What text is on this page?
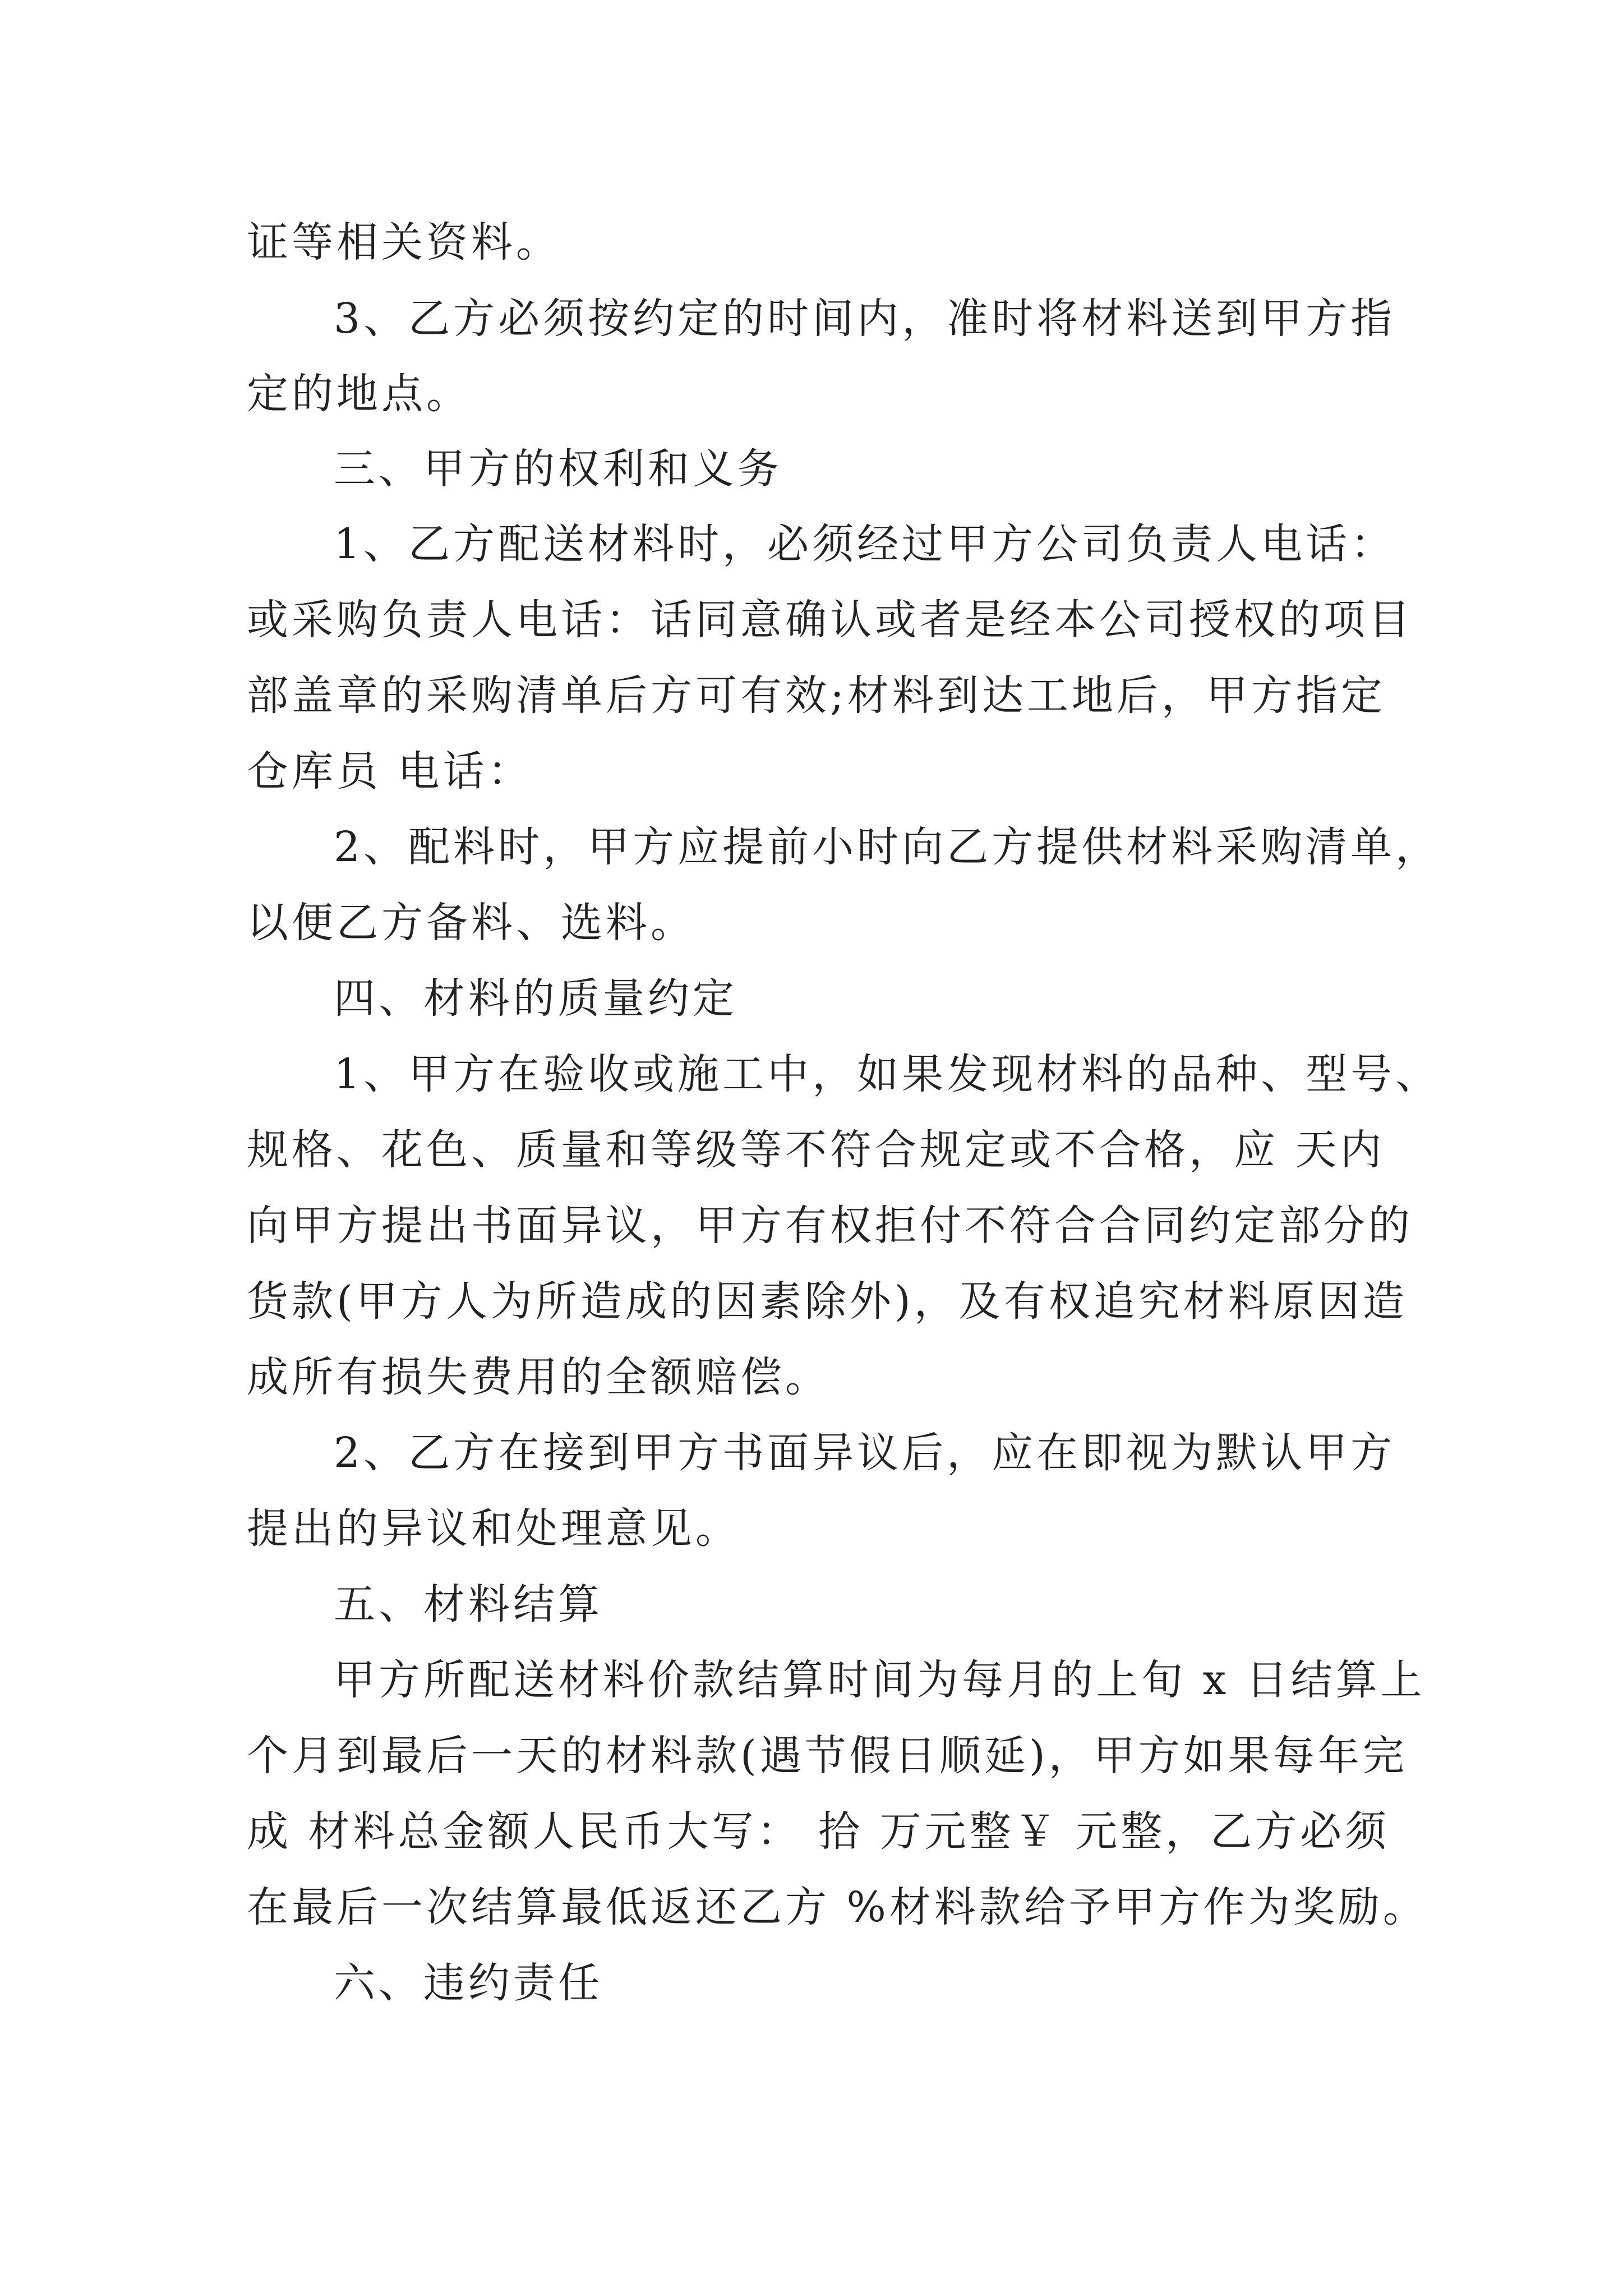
证等相关资料。
3、乙方必须按约定的时间内，准时将材料送到甲方指
定的地点。
三、甲方的权利和义务
1、乙方配送材料时，必须经过甲方公司负责人电话：
或采购负责人电话：话同意确认或者是经本公司授权的项目
部盖章的采购清单后方可有效;材料到达工地后，甲方指定
仓库员 电话：
2、配料时，甲方应提前小时向乙方提供材料采购清单，
以便乙方备料、选料。
四、材料的质量约定
1、甲方在验收或施工中，如果发现材料的品种、型号、
规格、花色、质量和等级等不符合规定或不合格，应 天内
向甲方提出书面异议，甲方有权拒付不符合合同约定部分的
货款(甲方人为所造成的因素除外)，及有权追究材料原因造
成所有损失费用的全额赔偿。
2、乙方在接到甲方书面异议后，应在即视为默认甲方
提出的异议和处理意见。
五、材料结算
甲方所配送材料价款结算时间为每月的上旬 x 日结算上
个月到最后一天的材料款(遇节假日顺延)，甲方如果每年完
成 材料总金额人民币大写： 拾 万元整￥ 元整，乙方必须
在最后一次结算最低返还乙方 %材料款给予甲方作为奖励。
六、违约责任
